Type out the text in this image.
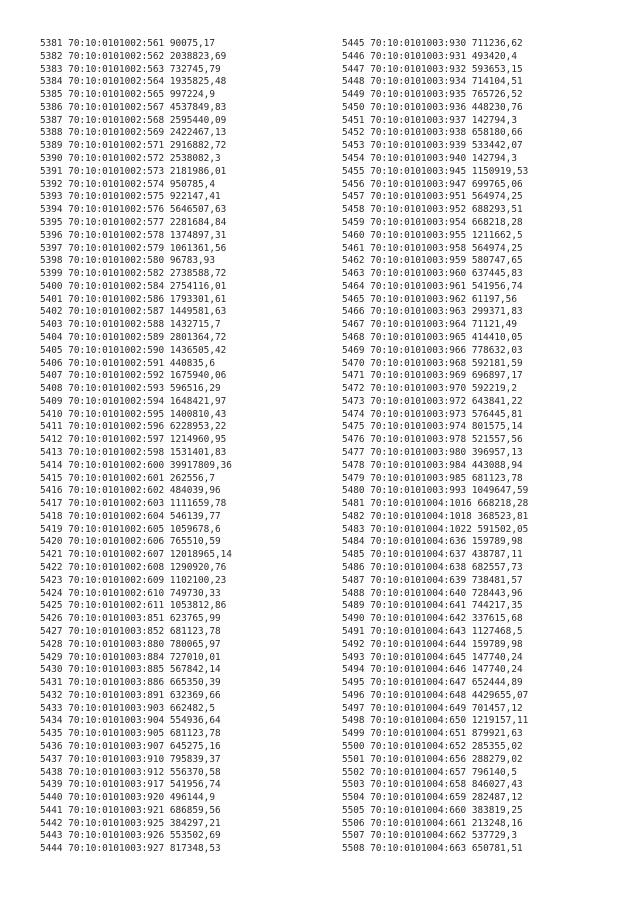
5381 70:10:0101002:561 90075,17
5382 70:10:0101002:562 2038823,69
5383 70:10:0101002:563 732745,79
5384 70:10:0101002:564 1935825,48
5385 70:10:0101002:565 997224,9
5386 70:10:0101002:567 4537849,83
5387 70:10:0101002:568 2595440,09
5388 70:10:0101002:569 2422467,13
5389 70:10:0101002:571 2916882,72
5390 70:10:0101002:572 2538082,3
5391 70:10:0101002:573 2181986,01
5392 70:10:0101002:574 950785,4
5393 70:10:0101002:575 922147,41
5394 70:10:0101002:576 5646507,63
5395 70:10:0101002:577 2281684,84
5396 70:10:0101002:578 1374897,31
5397 70:10:0101002:579 1061361,56
5398 70:10:0101002:580 96783,93
5399 70:10:0101002:582 2738588,72
5400 70:10:0101002:584 2754116,01
5401 70:10:0101002:586 1793301,61
5402 70:10:0101002:587 1449581,63
5403 70:10:0101002:588 1432715,7
5404 70:10:0101002:589 2801364,72
5405 70:10:0101002:590 1436505,42
5406 70:10:0101002:591 440835,6
5407 70:10:0101002:592 1675940,06
5408 70:10:0101002:593 596516,29
5409 70:10:0101002:594 1648421,97
5410 70:10:0101002:595 1400810,43
5411 70:10:0101002:596 6228953,22
5412 70:10:0101002:597 1214960,95
5413 70:10:0101002:598 1531401,83
5414 70:10:0101002:600 39917809,36
5415 70:10:0101002:601 262556,7
5416 70:10:0101002:602 484039,96
5417 70:10:0101002:603 1111659,78
5418 70:10:0101002:604 546139,77
5419 70:10:0101002:605 1059678,6
5420 70:10:0101002:606 765510,59
5421 70:10:0101002:607 12018965,14
5422 70:10:0101002:608 1290920,76
5423 70:10:0101002:609 1102100,23
5424 70:10:0101002:610 749730,33
5425 70:10:0101002:611 1053812,86
5426 70:10:0101003:851 623765,99
5427 70:10:0101003:852 681123,78
5428 70:10:0101003:880 780065,97
5429 70:10:0101003:884 727010,01
5430 70:10:0101003:885 567842,14
5431 70:10:0101003:886 665350,39
5432 70:10:0101003:891 632369,66
5433 70:10:0101003:903 662482,5
5434 70:10:0101003:904 554936,64
5435 70:10:0101003:905 681123,78
5436 70:10:0101003:907 645275,16
5437 70:10:0101003:910 795839,37
5438 70:10:0101003:912 556370,58
5439 70:10:0101003:917 541956,74
5440 70:10:0101003:920 496144,9
5441 70:10:0101003:921 686859,56
5442 70:10:0101003:925 384297,21
5443 70:10:0101003:926 553502,69
5444 70:10:0101003:927 817348,53
5445 70:10:0101003:930 711236,62
5446 70:10:0101003:931 493420,4
5447 70:10:0101003:932 593653,15
5448 70:10:0101003:934 714104,51
5449 70:10:0101003:935 765726,52
5450 70:10:0101003:936 448230,76
5451 70:10:0101003:937 142794,3
5452 70:10:0101003:938 658180,66
5453 70:10:0101003:939 533442,07
5454 70:10:0101003:940 142794,3
5455 70:10:0101003:945 1150919,53
5456 70:10:0101003:947 699765,06
5457 70:10:0101003:951 564974,25
5458 70:10:0101003:952 688293,51
5459 70:10:0101003:954 668218,28
5460 70:10:0101003:955 1211662,5
5461 70:10:0101003:958 564974,25
5462 70:10:0101003:959 580747,65
5463 70:10:0101003:960 637445,83
5464 70:10:0101003:961 541956,74
5465 70:10:0101003:962 61197,56
5466 70:10:0101003:963 299371,83
5467 70:10:0101003:964 71121,49
5468 70:10:0101003:965 414410,05
5469 70:10:0101003:966 778632,03
5470 70:10:0101003:968 592181,59
5471 70:10:0101003:969 696897,17
5472 70:10:0101003:970 592219,2
5473 70:10:0101003:972 643841,22
5474 70:10:0101003:973 576445,81
5475 70:10:0101003:974 801575,14
5476 70:10:0101003:978 521557,56
5477 70:10:0101003:980 396957,13
5478 70:10:0101003:984 443088,94
5479 70:10:0101003:985 681123,78
5480 70:10:0101003:993 1049647,59
5481 70:10:0101004:1016 668218,28
5482 70:10:0101004:1018 368523,81
5483 70:10:0101004:1022 591502,05
5484 70:10:0101004:636 159789,98
5485 70:10:0101004:637 438787,11
5486 70:10:0101004:638 682557,73
5487 70:10:0101004:639 738481,57
5488 70:10:0101004:640 728443,96
5489 70:10:0101004:641 744217,35
5490 70:10:0101004:642 337615,68
5491 70:10:0101004:643 1127468,5
5492 70:10:0101004:644 159789,98
5493 70:10:0101004:645 147740,24
5494 70:10:0101004:646 147740,24
5495 70:10:0101004:647 652444,89
5496 70:10:0101004:648 4429655,07
5497 70:10:0101004:649 701457,12
5498 70:10:0101004:650 1219157,11
5499 70:10:0101004:651 879921,63
5500 70:10:0101004:652 285355,02
5501 70:10:0101004:656 288279,02
5502 70:10:0101004:657 796140,5
5503 70:10:0101004:658 846027,43
5504 70:10:0101004:659 282487,12
5505 70:10:0101004:660 383819,25
5506 70:10:0101004:661 213248,16
5507 70:10:0101004:662 537729,3
5508 70:10:0101004:663 650781,51
